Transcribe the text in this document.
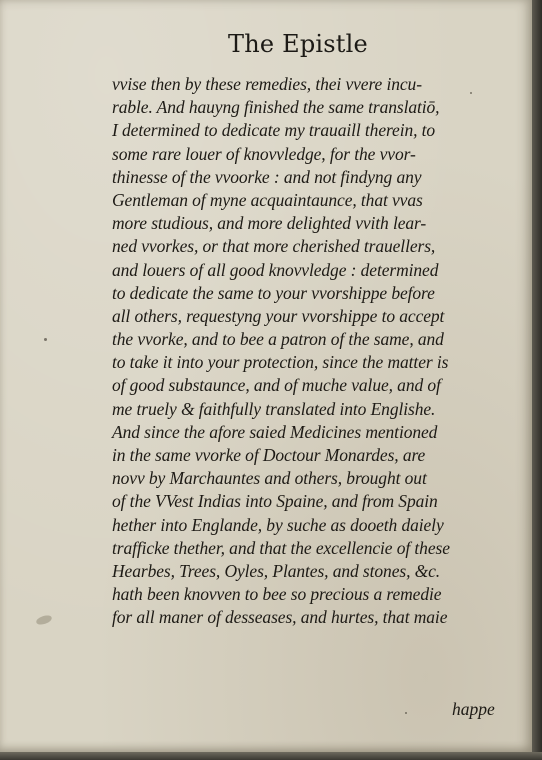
The Epistle
vvise then by these remedies, thei vvere incu-
rable. And hauyng finished the same translatiō,
I determined to dedicate my trauaill therein, to
some rare louer of knovvledge, for the vvor-
thinesse of the vvoorke : and not findyng any
Gentleman of myne acquaintaunce, that vvas
more studious, and more delighted vvith lear-
ned vvorkes, or that more cherished trauellers,
and louers of all good knovvledge : determined
to dedicate the same to your vvorshippe before
all others, requestyng your vvorshippe to accept
the vvorke, and to bee a patron of the same, and
to take it into your protection, since the matter is
of good substaunce, and of muche value, and of
me truely & faithfully translated into Englishe.
And since the afore saied Medicines mentioned
in the same vvorke of Doctour Monardes, are
novv by Marchauntes and others, brought out
of the VVest Indias into Spaine, and from Spain
hether into Englande, by suche as dooeth daiely
trafficke thether, and that the excellencie of these
Hearbes, Trees, Oyles, Plantes, and stones, &c.
hath been knovven to bee so precious a remedie
for all maner of desseases, and hurtes, that maie
happe
